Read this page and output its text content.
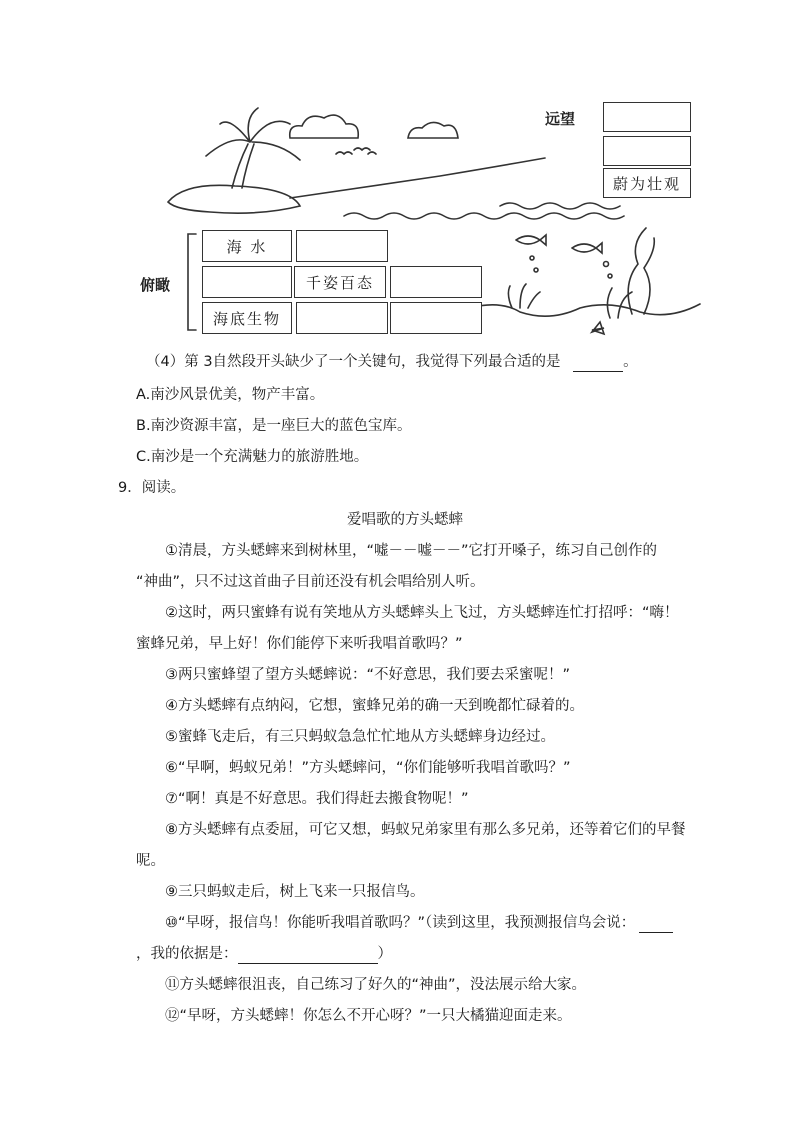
远望
蔚为壮观
俯瞰
海 水
千姿百态
海底生物
（4）第 3自然段开头缺少了一个关键句，我觉得下列最合适的是	。
A.南沙风景优美，物产丰富。
B.南沙资源丰富，是一座巨大的蓝色宝库。
C.南沙是一个充满魅力的旅游胜地。
9．阅读。
爱唱歌的方头蟋蟀
①清晨，方头蟋蟀来到树林里，“嘘－－嘘－－”它打开嗓子，练习自己创作的
“神曲”，只不过这首曲子目前还没有机会唱给别人听。
②这时，两只蜜蜂有说有笑地从方头蟋蟀头上飞过，方头蟋蟀连忙打招呼：“嗨！
蜜蜂兄弟，早上好！你们能停下来听我唱首歌吗？”
③两只蜜蜂望了望方头蟋蟀说：“不好意思，我们要去采蜜呢！”
④方头蟋蟀有点纳闷，它想，蜜蜂兄弟的确一天到晚都忙碌着的。
⑤蜜蜂飞走后，有三只蚂蚁急急忙忙地从方头蟋蟀身边经过。
⑥“早啊，蚂蚁兄弟！”方头蟋蟀问，“你们能够听我唱首歌吗？”
⑦“啊！真是不好意思。我们得赶去搬食物呢！”
⑧方头蟋蟀有点委屈，可它又想，蚂蚁兄弟家里有那么多兄弟，还等着它们的早餐
呢。
⑨三只蚂蚁走后，树上飞来一只报信鸟。
⑩“早呀，报信鸟！你能听我唱首歌吗？”（读到这里，我预测报信鸟会说：
，我的依据是：	）
⑪方头蟋蟀很沮丧，自己练习了好久的“神曲”，没法展示给大家。
⑫“早呀，方头蟋蟀！你怎么不开心呀？”一只大橘猫迎面走来。
